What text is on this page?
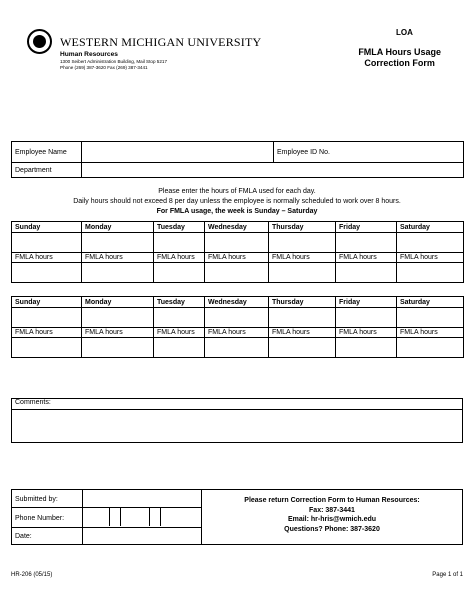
WESTERN MICHIGAN UNIVERSITY
Human Resources
1300 Seibert Administration Building, Mail Stop 5217
Phone (269) 387-3620 Fax (269) 387-3441
LOA
FMLA Hours Usage
Correction Form
Employee Name		Employee ID No.
Department		
Please enter the hours of FMLA used for each day.
Daily hours should not exceed 8 per day unless the employee is normally scheduled to work over 8 hours.
For FMLA usage, the week is Sunday – Saturday
Sunday	Monday	Tuesday	Wednesday	Thursday	Friday	Saturday

FMLA hours	FMLA hours	FMLA hours	FMLA hours	FMLA hours	FMLA hours	FMLA hours

Sunday	Monday	Tuesday	Wednesday	Thursday	Friday	Saturday

FMLA hours	FMLA hours	FMLA hours	FMLA hours	FMLA hours	FMLA hours	FMLA hours

Comments:
Submitted by:
Phone Number:
Date:
Please return Correction Form to Human Resources:
Fax: 387-3441
Email: hr-hris@wmich.edu
Questions? Phone: 387-3620
HR-206 (05/15)	Page 1 of 1
